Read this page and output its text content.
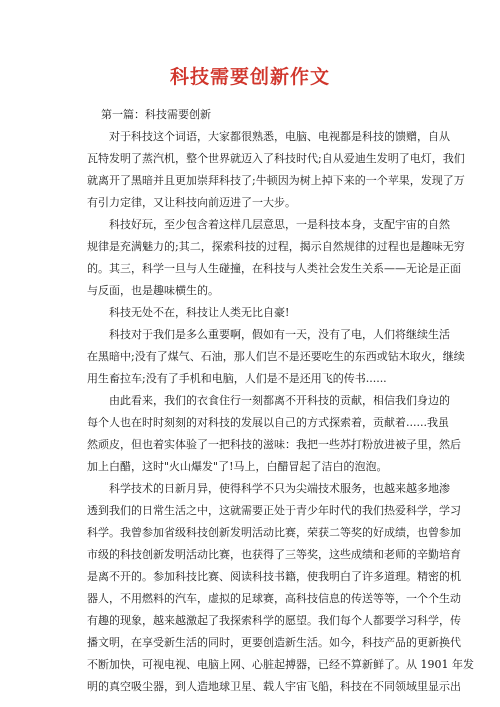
科技需要创新作文
第一篇：科技需要创新
对于科技这个词语，大家都很熟悉，电脑、电视都是科技的馈赠，自从
瓦特发明了蒸汽机，整个世界就迈入了科技时代;自从爱迪生发明了电灯，我们
就离开了黑暗并且更加崇拜科技了;牛顿因为树上掉下来的一个苹果，发现了万
有引力定律，又让科技向前迈进了一大步。
科技好玩，至少包含着这样几层意思，一是科技本身，支配宇宙的自然
规律是充满魅力的;其二，探索科技的过程，揭示自然规律的过程也是趣味无穷
的。其三，科学一旦与人生碰撞，在科技与人类社会发生关系——无论是正面
与反面，也是趣味横生的。
科技无处不在，科技让人类无比自豪!
科技对于我们是多么重要啊，假如有一天，没有了电，人们将继续生活
在黑暗中;没有了煤气、石油，那人们岂不是还要吃生的东西或钻木取火，继续
用生畜拉车;没有了手机和电脑，人们是不是还用飞的传书......
由此看来，我们的衣食住行一刻都离不开科技的贡献，相信我们身边的
每个人也在时时刻刻的对科技的发展以自己的方式探索着，贡献着......我虽
然顽皮，但也着实体验了一把科技的滋味：我把一些苏打粉放进被子里，然后
加上白醋，这时"火山爆发"了!马上，白醋冒起了洁白的泡泡。
科学技术的日新月异，使得科学不只为尖端技术服务，也越来越多地渗
透到我们的日常生活之中，这就需要正处于青少年时代的我们热爱科学，学习
科学。我曾参加省级科技创新发明活动比赛，荣获二等奖的好成绩，也曾参加
市级的科技创新发明活动比赛，也获得了三等奖，这些成绩和老师的辛勤培育
是离不开的。参加科技比赛、阅读科技书籍，使我明白了许多道理。精密的机
器人，不用燃料的汽车，虚拟的足球赛，高科技信息的传送等等，一个个生动
有趣的现象，越来越激起了我探索科学的愿望。我们每个人都要学习科学，传
播文明，在享受新生活的同时，更要创造新生活。如今，科技产品的更新换代
不断加快，可视电视、电脑上网、心脏起搏器，已经不算新鲜了。从 1901 年发
明的真空吸尘器，到人造地球卫星、载人宇宙飞船，科技在不同领域里显示出
